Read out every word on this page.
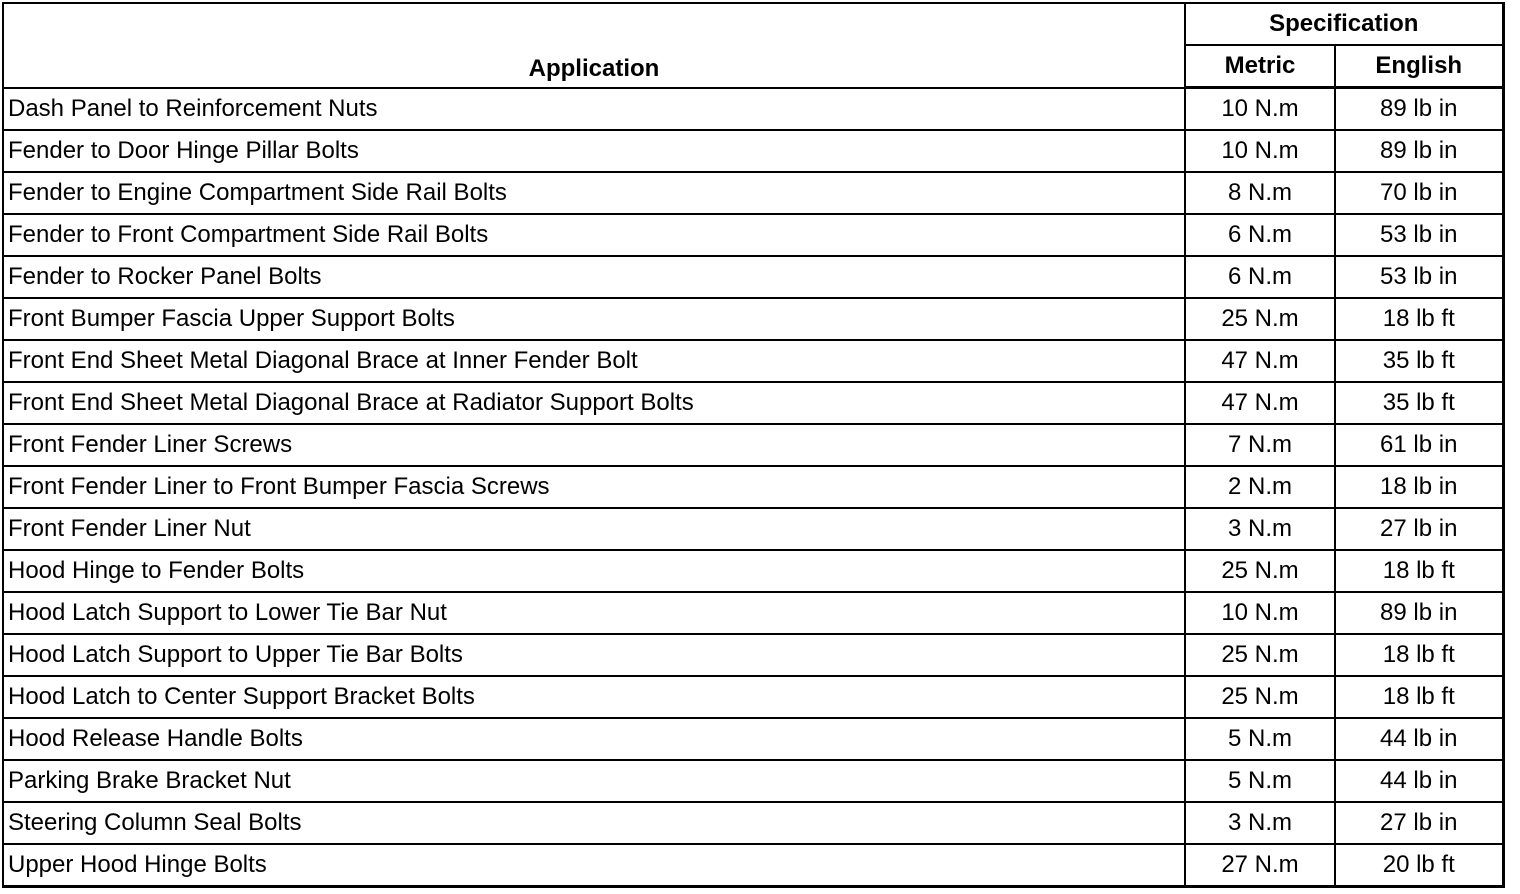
Application	Specification	
	Metric	English
Dash Panel to Reinforcement Nuts	10 N.m	89 lb in
Fender to Door Hinge Pillar Bolts	10 N.m	89 lb in
Fender to Engine Compartment Side Rail Bolts	8 N.m	70 lb in
Fender to Front Compartment Side Rail Bolts	6 N.m	53 lb in
Fender to Rocker Panel Bolts	6 N.m	53 lb in
Front Bumper Fascia Upper Support Bolts	25 N.m	18 lb ft
Front End Sheet Metal Diagonal Brace at Inner Fender Bolt	47 N.m	35 lb ft
Front End Sheet Metal Diagonal Brace at Radiator Support Bolts	47 N.m	35 lb ft
Front Fender Liner Screws	7 N.m	61 lb in
Front Fender Liner to Front Bumper Fascia Screws	2 N.m	18 lb in
Front Fender Liner Nut	3 N.m	27 lb in
Hood Hinge to Fender Bolts	25 N.m	18 lb ft
Hood Latch Support to Lower Tie Bar Nut	10 N.m	89 lb in
Hood Latch Support to Upper Tie Bar Bolts	25 N.m	18 lb ft
Hood Latch to Center Support Bracket Bolts	25 N.m	18 lb ft
Hood Release Handle Bolts	5 N.m	44 lb in
Parking Brake Bracket Nut	5 N.m	44 lb in
Steering Column Seal Bolts	3 N.m	27 lb in
Upper Hood Hinge Bolts	27 N.m	20 lb ft
